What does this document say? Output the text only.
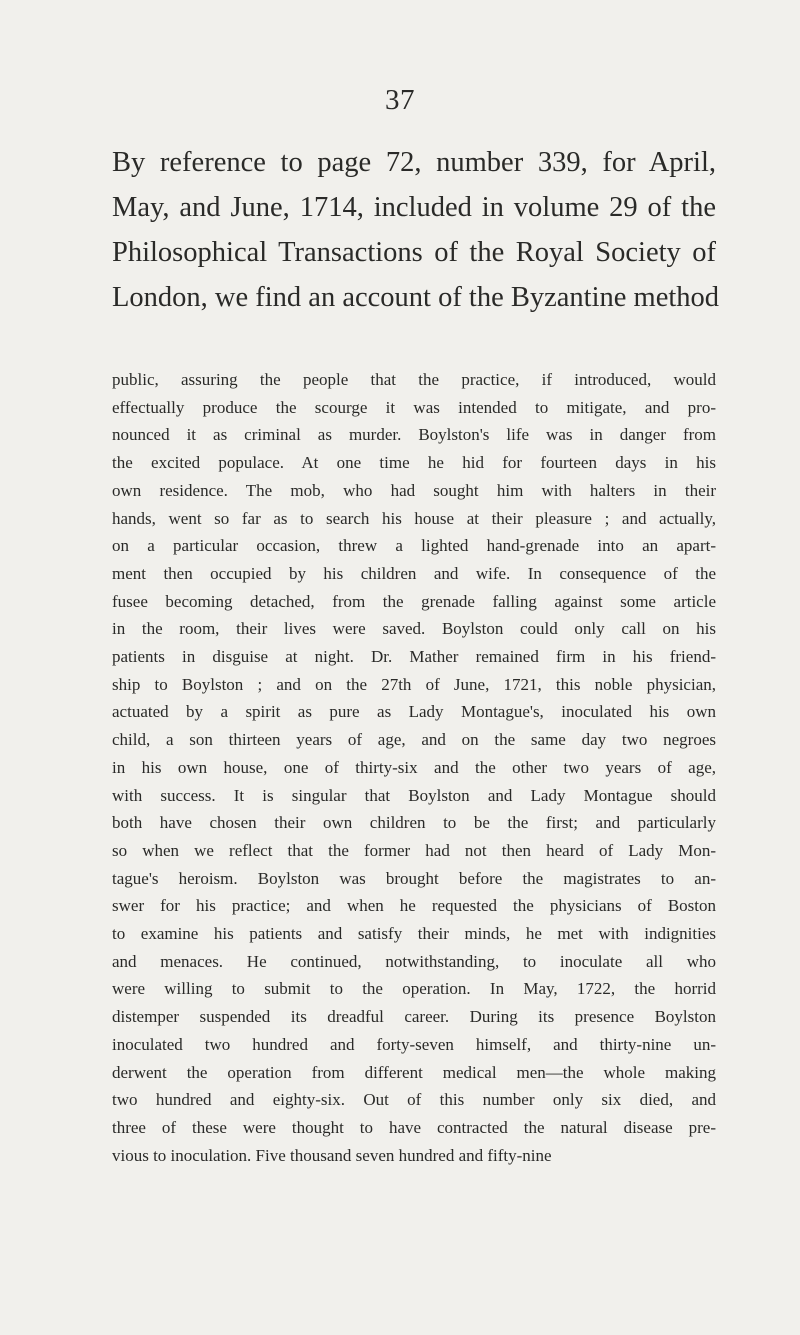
37
By reference to page 72, number 339, for April,
May, and June, 1714, included in volume 29 of the
Philosophical Transactions of the Royal Society of
London, we find an account of the Byzantine method
public, assuring the people that the practice, if introduced, would
effectually produce the scourge it was intended to mitigate, and pro-
nounced it as criminal as murder. Boylston's life was in danger from
the excited populace. At one time he hid for fourteen days in his
own residence. The mob, who had sought him with halters in their
hands, went so far as to search his house at their pleasure ; and actually,
on a particular occasion, threw a lighted hand-grenade into an apart-
ment then occupied by his children and wife. In consequence of the
fusee becoming detached, from the grenade falling against some article
in the room, their lives were saved. Boylston could only call on his
patients in disguise at night. Dr. Mather remained firm in his friend-
ship to Boylston ; and on the 27th of June, 1721, this noble physician,
actuated by a spirit as pure as Lady Montague's, inoculated his own
child, a son thirteen years of age, and on the same day two negroes
in his own house, one of thirty-six and the other two years of age,
with success. It is singular that Boylston and Lady Montague should
both have chosen their own children to be the first; and particularly
so when we reflect that the former had not then heard of Lady Mon-
tague's heroism. Boylston was brought before the magistrates to an-
swer for his practice; and when he requested the physicians of Boston
to examine his patients and satisfy their minds, he met with indignities
and menaces. He continued, notwithstanding, to inoculate all who
were willing to submit to the operation. In May, 1722, the horrid
distemper suspended its dreadful career. During its presence Boylston
inoculated two hundred and forty-seven himself, and thirty-nine un-
derwent the operation from different medical men—the whole making
two hundred and eighty-six. Out of this number only six died, and
three of these were thought to have contracted the natural disease pre-
vious to inoculation. Five thousand seven hundred and fifty-nine
